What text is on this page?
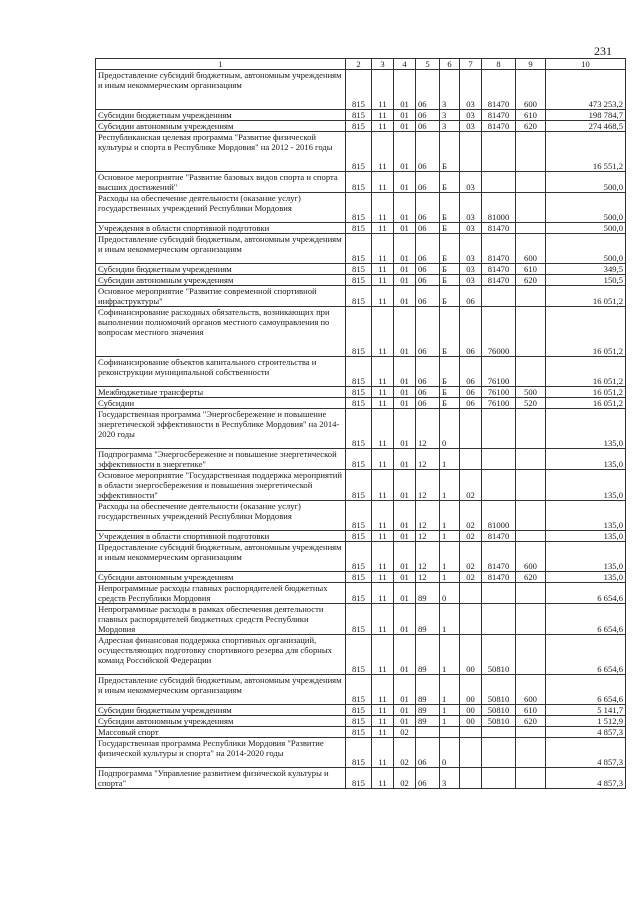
231
1	2	3	4	5	6	7	8	9	10
Предоставление субсидий бюджетным, автономным учреждениям и иным некоммерческим организациям	815	11	01	06	3	03	81470	600	473 253,2
Субсидии бюджетным учреждениям	815	11	01	06	3	03	81470	610	198 784,7
Субсидии автономным учреждениям	815	11	01	06	3	03	81470	620	274 468,5
Республиканская целевая программа "Развитие физической культуры и спорта в Республике Мордовия" на 2012 - 2016 годы	815	11	01	06	Б				16 551,2
Основное мероприятие "Развитие базовых видов спорта и спорта высших достижений"	815	11	01	06	Б	03			500,0
Расходы на обеспечение деятельности (оказание услуг) государственных учреждений Республики Мордовия	815	11	01	06	Б	03	81000		500,0
Учреждения в области спортивной подготовки	815	11	01	06	Б	03	81470		500,0
Предоставление субсидий бюджетным, автономным учреждениям и иным некоммерческим организациям	815	11	01	06	Б	03	81470	600	500,0
Субсидии бюджетным учреждениям	815	11	01	06	Б	03	81470	610	349,5
Субсидии автономным учреждениям	815	11	01	06	Б	03	81470	620	150,5
Основное мероприятие "Развитие современной спортивной инфраструктуры"	815	11	01	06	Б	06			16 051,2
Софинансирование расходных обязательств, возникающих при выполнении полномочий органов местного самоуправления по вопросам местного значения	815	11	01	06	Б	06	76000		16 051,2
Софинансирование объектов капитального строительства и реконструкции муниципальной собственности	815	11	01	06	Б	06	76100		16 051,2
Межбюджетные трансферты	815	11	01	06	Б	06	76100	500	16 051,2
Субсидии	815	11	01	06	Б	06	76100	520	16 051,2
Государственная программа "Энергосбережение и повышение энергетической эффективности в Республике Мордовия" на 2014-2020 годы	815	11	01	12	0				135,0
Подпрограмма "Энергосбережение и повышение энергетической эффективности в энергетике"	815	11	01	12	1				135,0
Основное мероприятие "Государственная поддержка мероприятий в области энергосбережения и повышения энергетической эффективности"	815	11	01	12	1	02			135,0
Расходы на обеспечение деятельности (оказание услуг) государственных учреждений Республики Мордовия	815	11	01	12	1	02	81000		135,0
Учреждения в области спортивной подготовки	815	11	01	12	1	02	81470		135,0
Предоставление субсидий бюджетным, автономным учреждениям и иным некоммерческим организациям	815	11	01	12	1	02	81470	600	135,0
Субсидии автономным учреждениям	815	11	01	12	1	02	81470	620	135,0
Непрограммные расходы главных распорядителей бюджетных средств Республики Мордовия	815	11	01	89	0				6 654,6
Непрограммные расходы в рамках обеспечения деятельности главных распорядителей бюджетных средств Республики Мордовия	815	11	01	89	1				6 654,6
Адресная финансовая поддержка спортивных организаций, осуществляющих подготовку спортивного резерва для сборных команд Российской Федерации	815	11	01	89	1	00	50810		6 654,6
Предоставление субсидий бюджетным, автономным учреждениям и иным некоммерческим организациям	815	11	01	89	1	00	50810	600	6 654,6
Субсидии бюджетным учреждениям	815	11	01	89	1	00	50810	610	5 141,7
Субсидии автономным учреждениям	815	11	01	89	1	00	50810	620	1 512,9
Массовый спорт	815	11	02						4 857,3
Государственная программа Республики Мордовия "Развитие физической культуры и спорта" на 2014-2020 годы	815	11	02	06	0				4 857,3
Подпрограмма "Управление развитием физической культуры и спорта"	815	11	02	06	3				4 857,3
